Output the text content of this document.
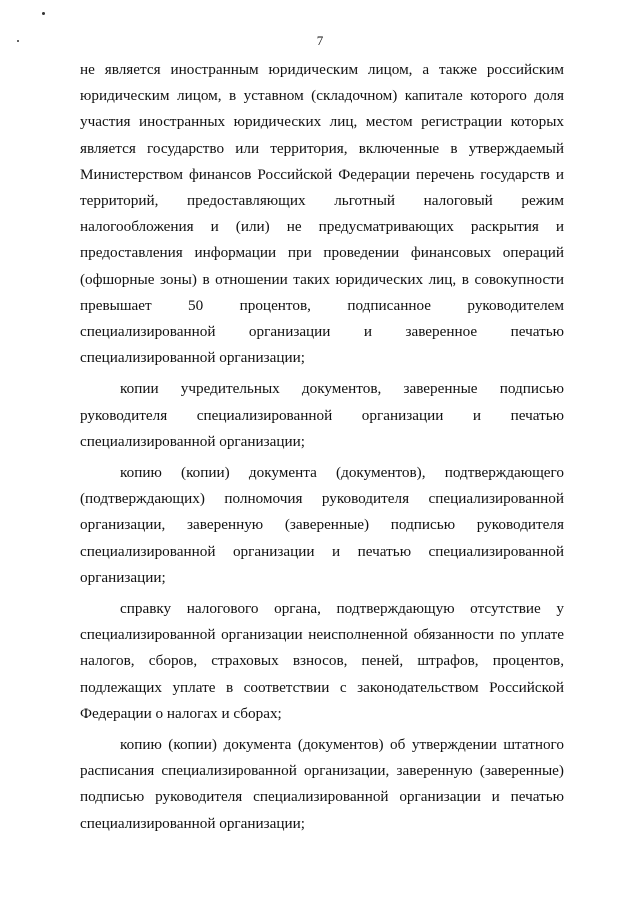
7

не является иностранным юридическим лицом, а также российским юридическим лицом, в уставном (складочном) капитале которого доля участия иностранных юридических лиц, местом регистрации которых является государство или территория, включенные в утверждаемый Министерством финансов Российской Федерации перечень государств и территорий, предоставляющих льготный налоговый режим налогообложения и (или) не предусматривающих раскрытия и предоставления информации при проведении финансовых операций (офшорные зоны) в отношении таких юридических лиц, в совокупности превышает 50 процентов, подписанное руководителем специализированной организации и заверенное печатью специализированной организации;

копии учредительных документов, заверенные подписью руководителя специализированной организации и печатью специализированной организации;

копию (копии) документа (документов), подтверждающего (подтверждающих) полномочия руководителя специализированной организации, заверенную (заверенные) подписью руководителя специализированной организации и печатью специализированной организации;

справку налогового органа, подтверждающую отсутствие у специализированной организации неисполненной обязанности по уплате налогов, сборов, страховых взносов, пеней, штрафов, процентов, подлежащих уплате в соответствии с законодательством Российской Федерации о налогах и сборах;

копию (копии) документа (документов) об утверждении штатного расписания специализированной организации, заверенную (заверенные) подписью руководителя специализированной организации и печатью специализированной организации;
